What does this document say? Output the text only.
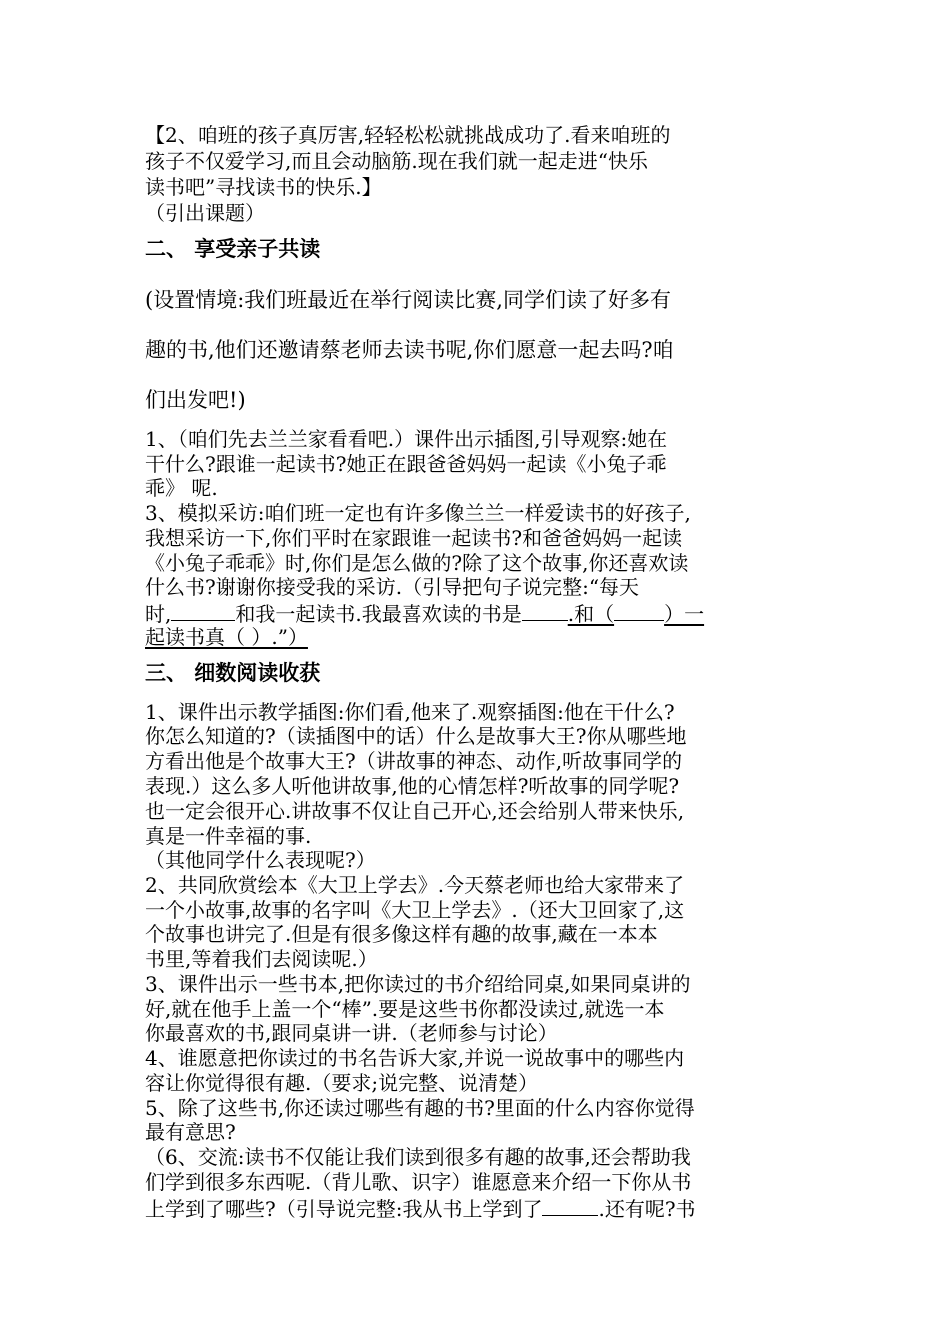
【2、咱班的孩子真厉害,轻轻松松就挑战成功了.看来咱班的
孩子不仅爱学习,而且会动脑筋.现在我们就一起走进“快乐
读书吧”寻找读书的快乐.】
（引出课题）
二、 享受亲子共读
(设置情境:我们班最近在举行阅读比赛,同学们读了好多有
趣的书,他们还邀请蔡老师去读书呢,你们愿意一起去吗?咱
们出发吧!)
1、（咱们先去兰兰家看看吧.）课件出示插图,引导观察:她在
干什么?跟谁一起读书?她正在跟爸爸妈妈一起读《小兔子乖
乖》 呢.
3、模拟采访:咱们班一定也有许多像兰兰一样爱读书的好孩子,
我想采访一下,你们平时在家跟谁一起读书?和爸爸妈妈一起读
《小兔子乖乖》时,你们是怎么做的?除了这个故事,你还喜欢读
什么书?谢谢你接受我的采访.（引导把句子说完整:“每天
时,	和我一起读书.我最喜欢读的书是 .和（	）一
起读书真（ ）.”）
三、 细数阅读收获
1、课件出示教学插图:你们看,他来了.观察插图:他在干什么?
你怎么知道的?（读插图中的话）什么是故事大王?你从哪些地
方看出他是个故事大王?（讲故事的神态、动作,听故事同学的
表现.）这么多人听他讲故事,他的心情怎样?听故事的同学呢?
也一定会很开心.讲故事不仅让自己开心,还会给别人带来快乐,
真是一件幸福的事.
（其他同学什么表现呢?）
2、共同欣赏绘本《大卫上学去》.今天蔡老师也给大家带来了
一个小故事,故事的名字叫《大卫上学去》.（还大卫回家了,这
个故事也讲完了.但是有很多像这样有趣的故事,藏在一本本
书里,等着我们去阅读呢.）
3、课件出示一些书本,把你读过的书介绍给同桌,如果同桌讲的
好,就在他手上盖一个“棒”.要是这些书你都没读过,就选一本
你最喜欢的书,跟同桌讲一讲.（老师参与讨论）
4、谁愿意把你读过的书名告诉大家,并说一说故事中的哪些内
容让你觉得很有趣.（要求;说完整、说清楚）
5、除了这些书,你还读过哪些有趣的书?里面的什么内容你觉得
最有意思?
（6、交流:读书不仅能让我们读到很多有趣的故事,还会帮助我
们学到很多东西呢.（背儿歌、识字）谁愿意来介绍一下你从书
上学到了哪些?（引导说完整:我从书上学到了	.还有呢?书
